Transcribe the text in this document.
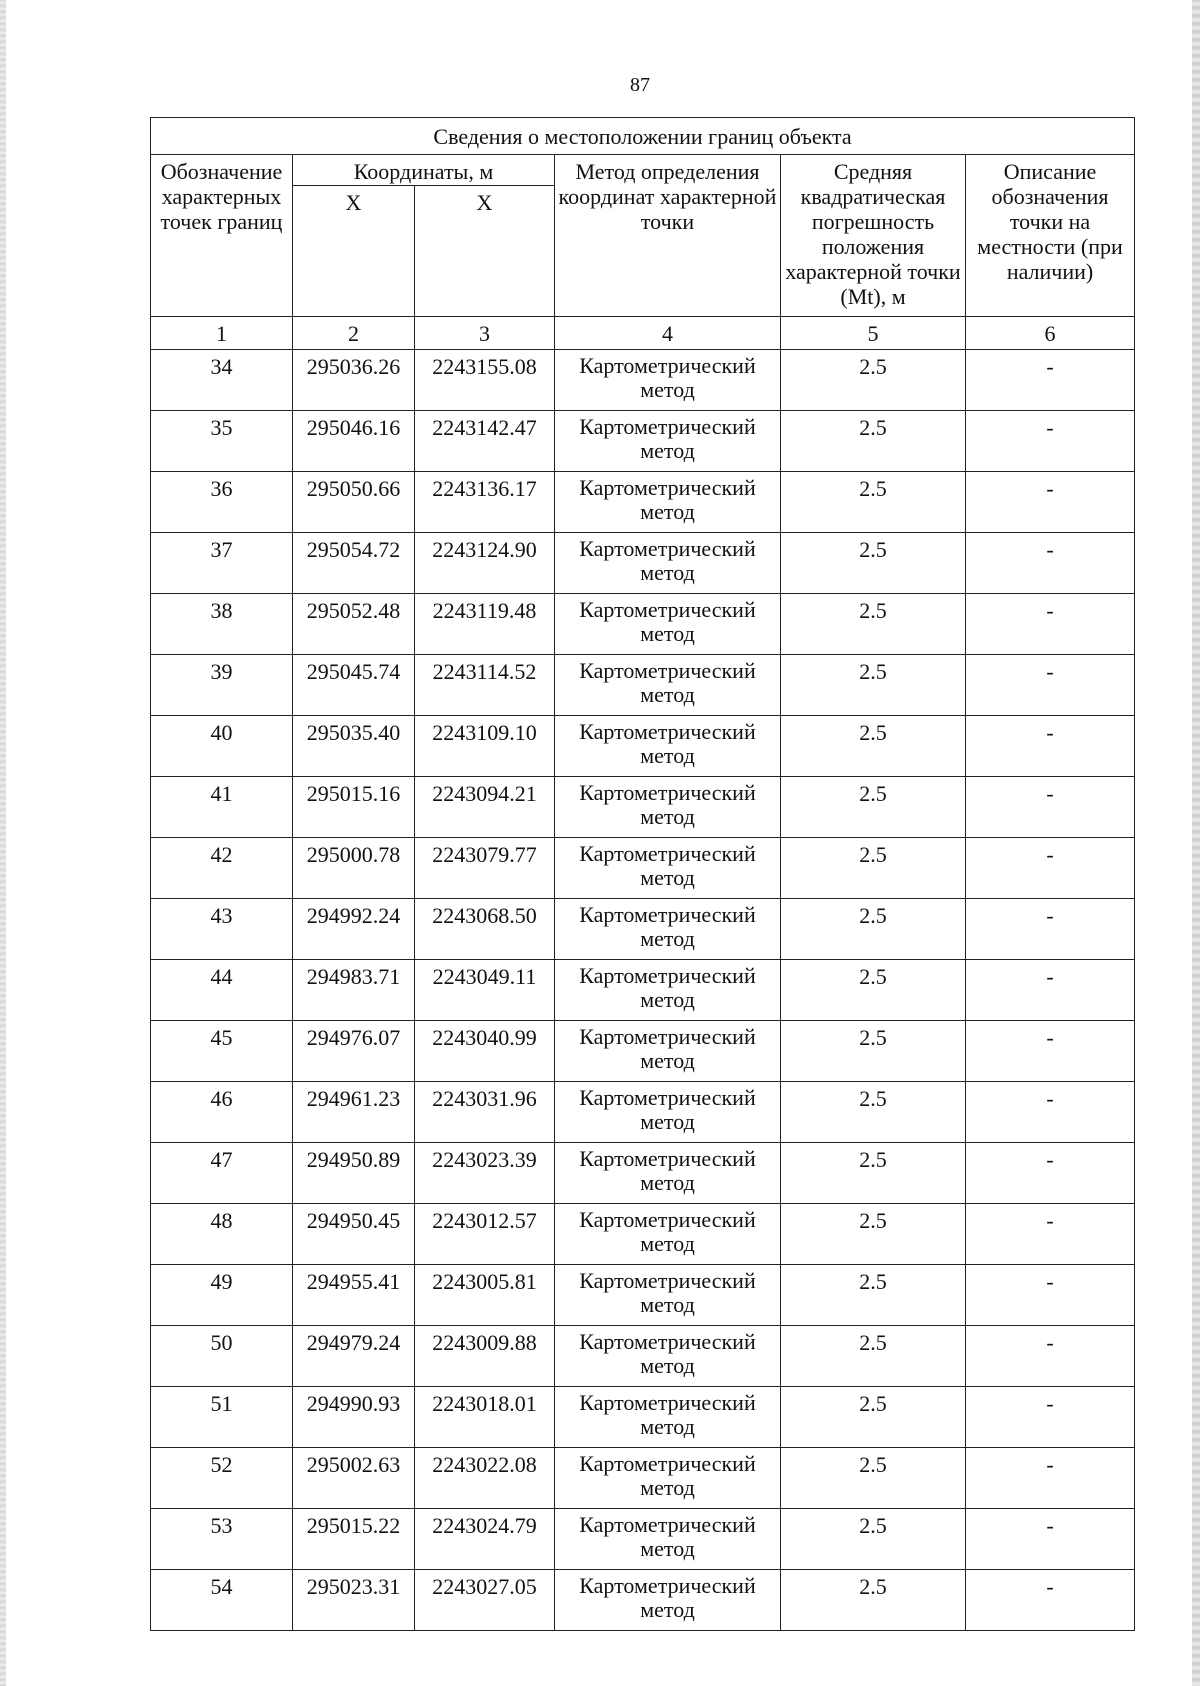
87
Сведения о местоположении границ объекта					
Обозначение характерных точек границ	Координаты, м		Метод определения координат характерной точки	Средняя квадратическая погрешность положения характерной точки (Mt), м	Описание обозначения точки на местности (при наличии)
	X	X			
1	2	3	4	5	6
34	295036.26	2243155.08	Картометрический метод	2.5	-
35	295046.16	2243142.47	Картометрический метод	2.5	-
36	295050.66	2243136.17	Картометрический метод	2.5	-
37	295054.72	2243124.90	Картометрический метод	2.5	-
38	295052.48	2243119.48	Картометрический метод	2.5	-
39	295045.74	2243114.52	Картометрический метод	2.5	-
40	295035.40	2243109.10	Картометрический метод	2.5	-
41	295015.16	2243094.21	Картометрический метод	2.5	-
42	295000.78	2243079.77	Картометрический метод	2.5	-
43	294992.24	2243068.50	Картометрический метод	2.5	-
44	294983.71	2243049.11	Картометрический метод	2.5	-
45	294976.07	2243040.99	Картометрический метод	2.5	-
46	294961.23	2243031.96	Картометрический метод	2.5	-
47	294950.89	2243023.39	Картометрический метод	2.5	-
48	294950.45	2243012.57	Картометрический метод	2.5	-
49	294955.41	2243005.81	Картометрический метод	2.5	-
50	294979.24	2243009.88	Картометрический метод	2.5	-
51	294990.93	2243018.01	Картометрический метод	2.5	-
52	295002.63	2243022.08	Картометрический метод	2.5	-
53	295015.22	2243024.79	Картометрический метод	2.5	-
54	295023.31	2243027.05	Картометрический метод	2.5	-
